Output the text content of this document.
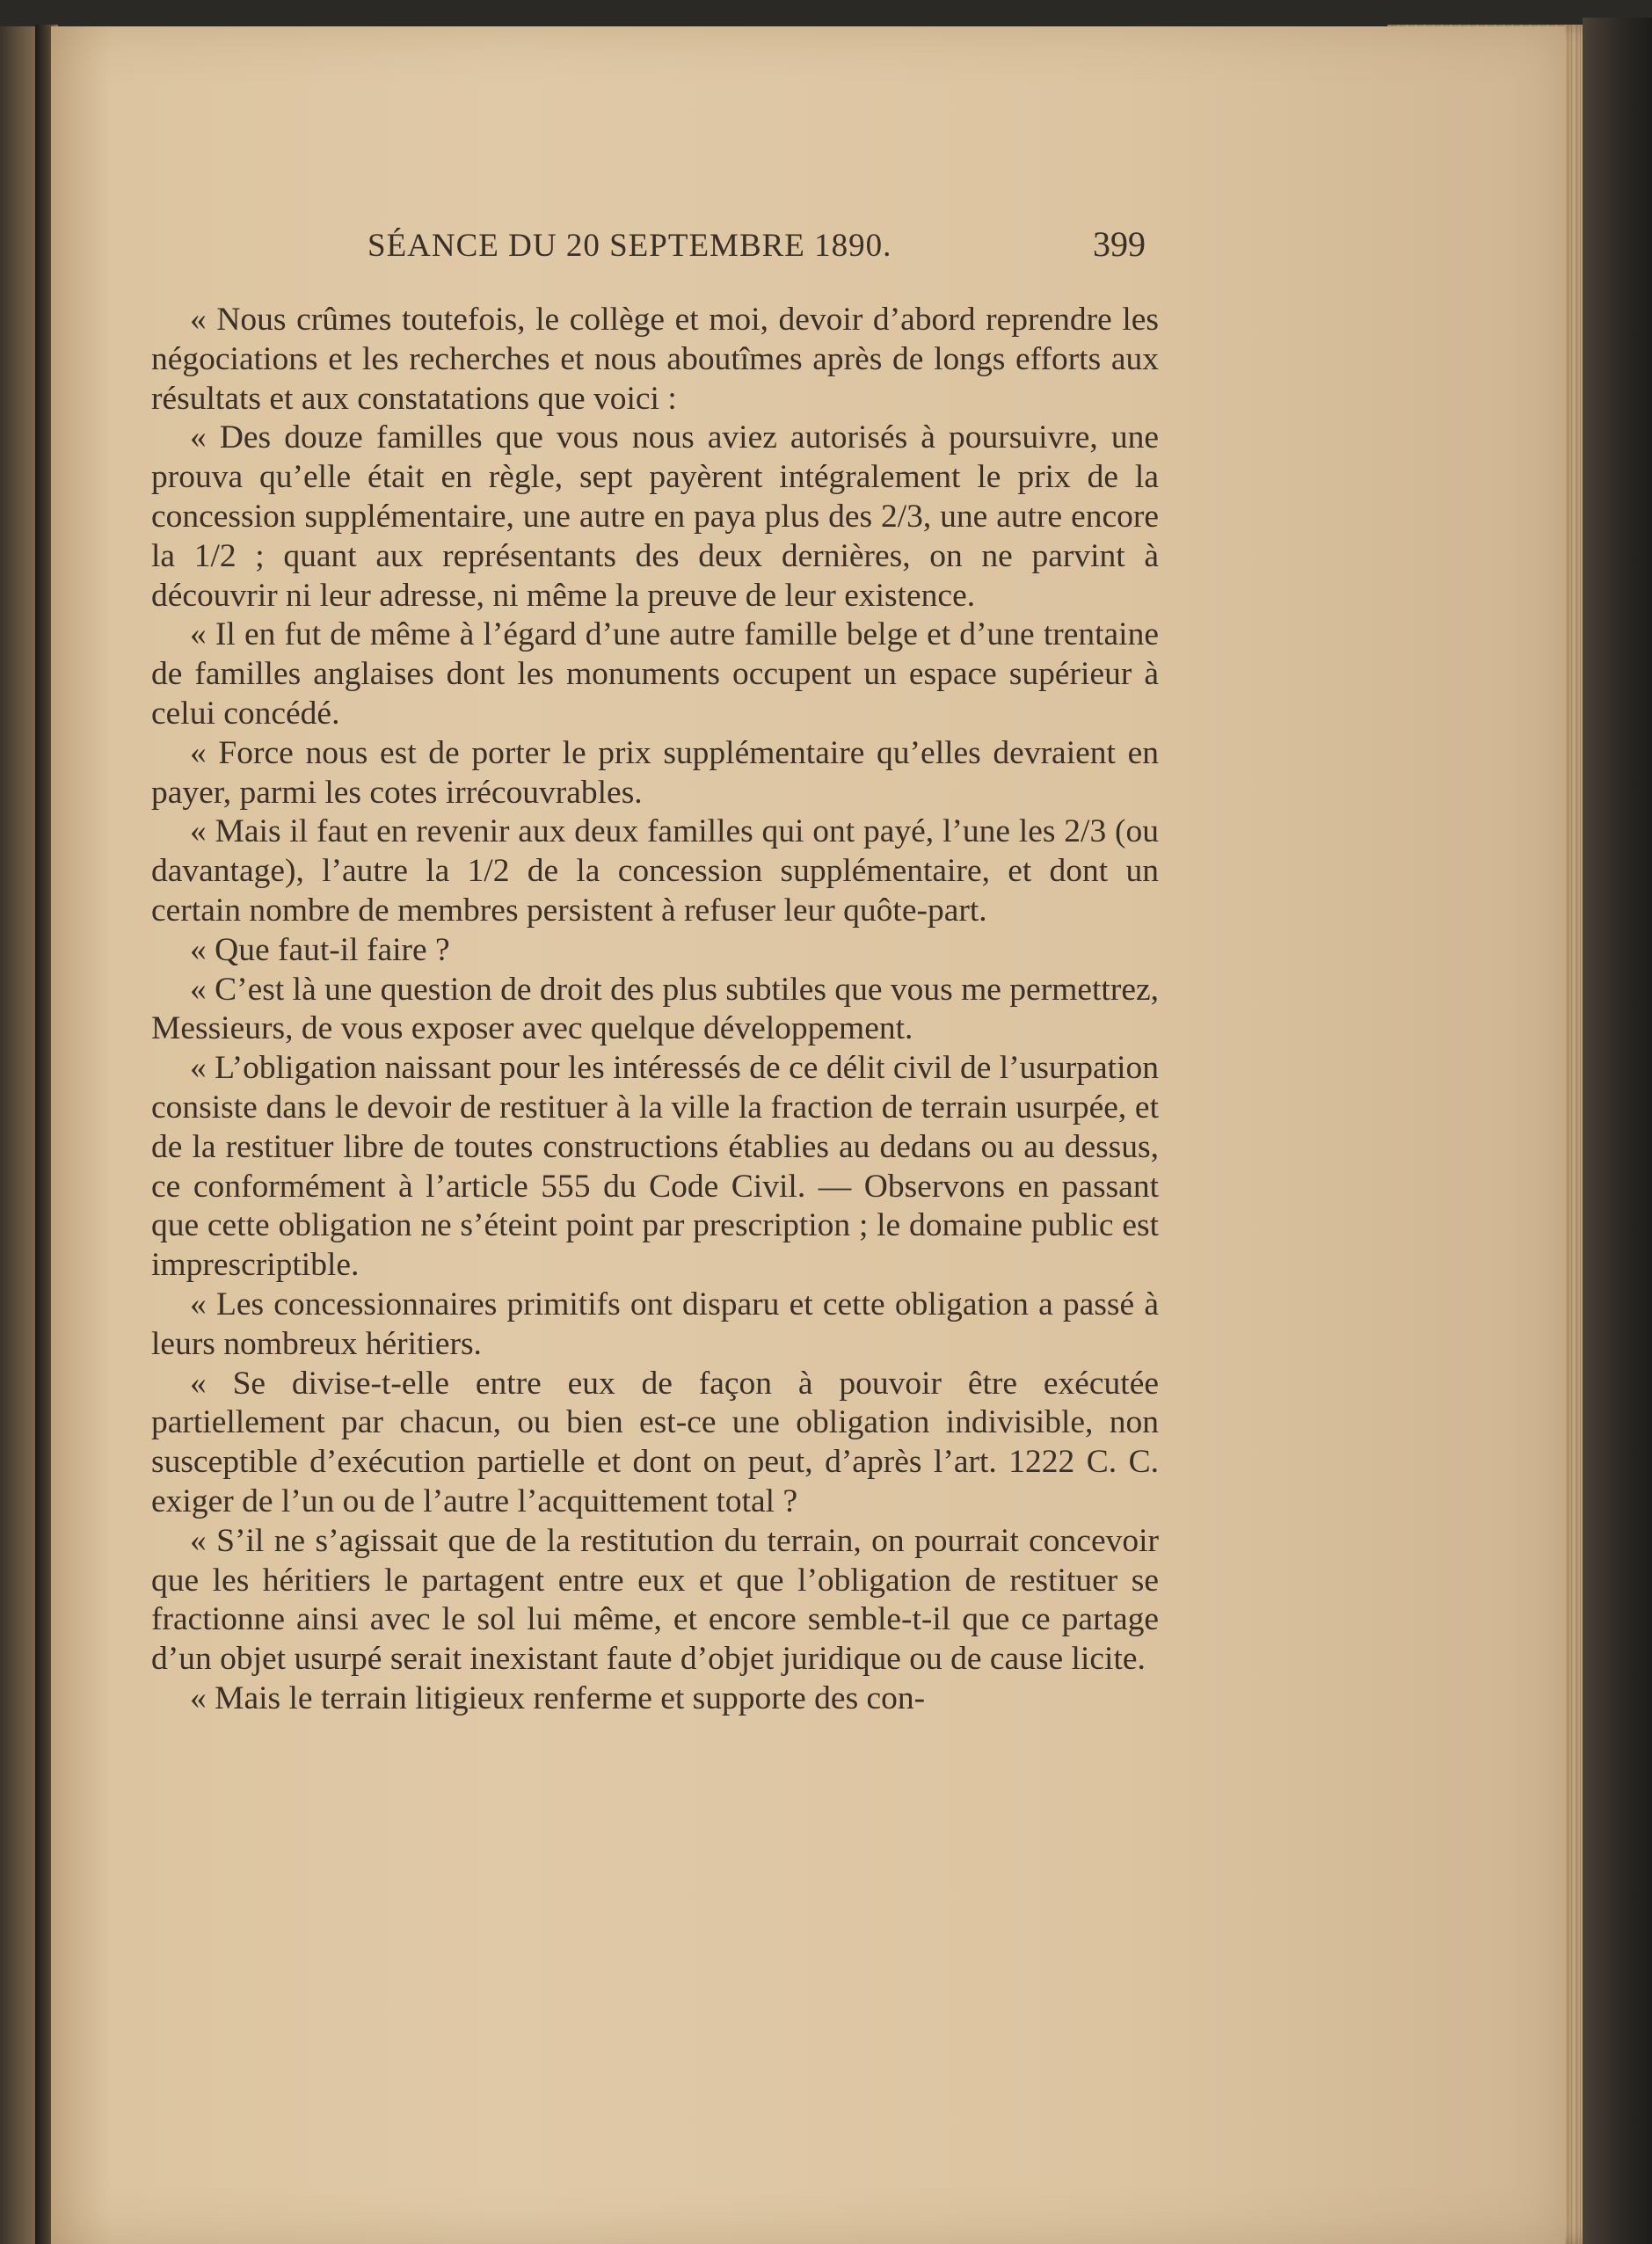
SÉANCE DU 20 SEPTEMBRE 1890.	399

« Nous crûmes toutefois, le collège et moi, devoir d’abord reprendre les négociations et les recherches et nous aboutîmes après de longs efforts aux résultats et aux constatations que voici :

« Des douze familles que vous nous aviez autorisés à poursuivre, une prouva qu’elle était en règle, sept payèrent intégralement le prix de la concession supplémentaire, une autre en paya plus des 2/3, une autre encore la 1/2 ; quant aux représentants des deux dernières, on ne parvint à découvrir ni leur adresse, ni même la preuve de leur existence.

« Il en fut de même à l’égard d’une autre famille belge et d’une trentaine de familles anglaises dont les monuments occupent un espace supérieur à celui concédé.

« Force nous est de porter le prix supplémentaire qu’elles devraient en payer, parmi les cotes irrécouvrables.

« Mais il faut en revenir aux deux familles qui ont payé, l’une les 2/3 (ou davantage), l’autre la 1/2 de la concession supplémentaire, et dont un certain nombre de membres persistent à refuser leur quôte-part.

« Que faut-il faire ?

« C’est là une question de droit des plus subtiles que vous me permettrez, Messieurs, de vous exposer avec quelque développement.

« L’obligation naissant pour les intéressés de ce délit civil de l’usurpation consiste dans le devoir de restituer à la ville la fraction de terrain usurpée, et de la restituer libre de toutes constructions établies au dedans ou au dessus, ce conformément à l’article 555 du Code Civil. — Observons en passant que cette obligation ne s’éteint point par prescription ; le domaine public est imprescriptible.

« Les concessionnaires primitifs ont disparu et cette obligation a passé à leurs nombreux héritiers.

« Se divise-t-elle entre eux de façon à pouvoir être exécutée partiellement par chacun, ou bien est-ce une obligation indivisible, non susceptible d’exécution partielle et dont on peut, d’après l’art. 1222 C. C. exiger de l’un ou de l’autre l’acquittement total ?

« S’il ne s’agissait que de la restitution du terrain, on pourrait concevoir que les héritiers le partagent entre eux et que l’obligation de restituer se fractionne ainsi avec le sol lui même, et encore semble-t-il que ce partage d’un objet usurpé serait inexistant faute d’objet juridique ou de cause licite.

« Mais le terrain litigieux renferme et supporte des con-
